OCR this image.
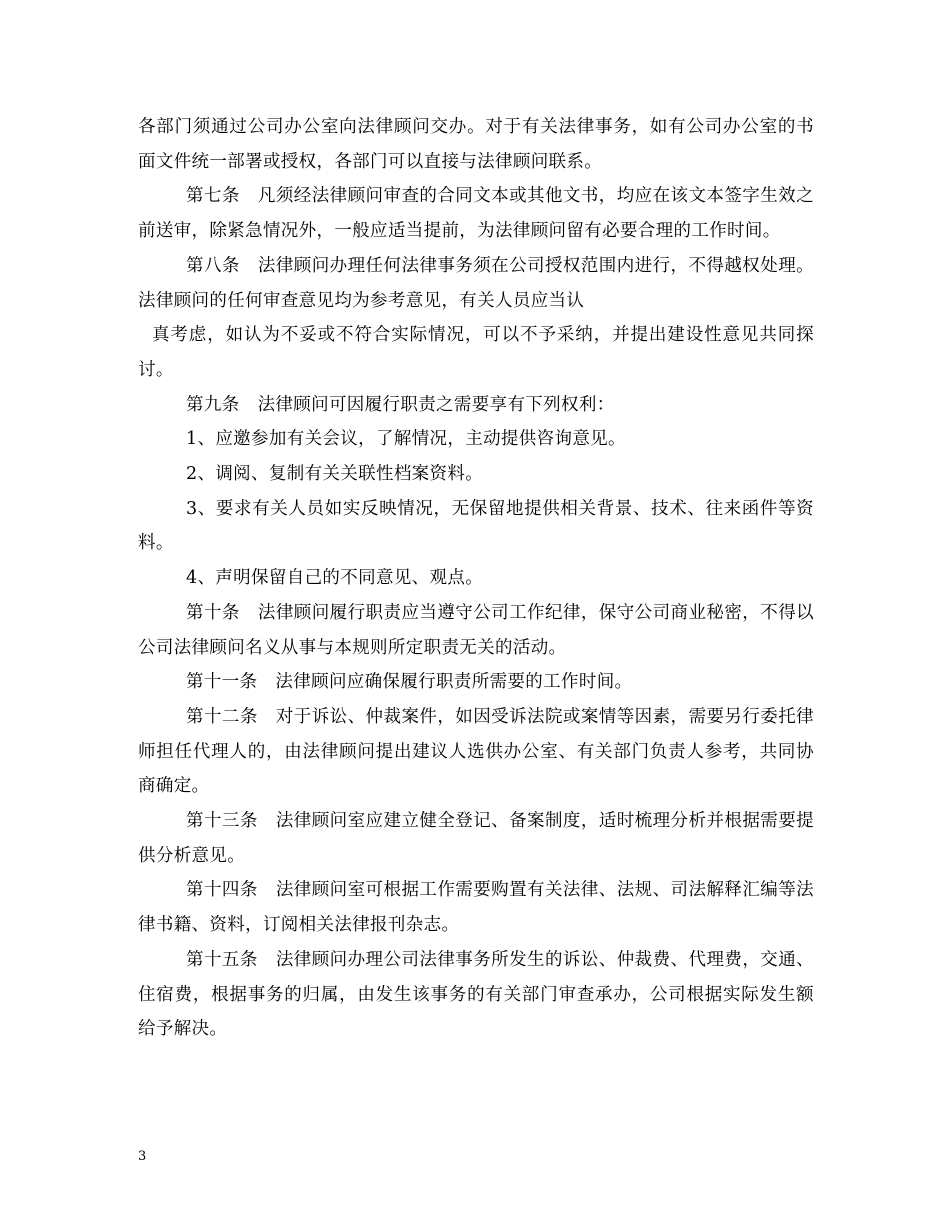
各部门须通过公司办公室向法律顾问交办。对于有关法律事务，如有公司办公室的书面文件统一部署或授权，各部门可以直接与法律顾问联系。

第七条 凡须经法律顾问审查的合同文本或其他文书，均应在该文本签字生效之前送审，除紧急情况外，一般应适当提前，为法律顾问留有必要合理的工作时间。

第八条 法律顾问办理任何法律事务须在公司授权范围内进行，不得越权处理。法律顾问的任何审查意见均为参考意见，有关人员应当认

真考虑，如认为不妥或不符合实际情况，可以不予采纳，并提出建设性意见共同探讨。

第九条 法律顾问可因履行职责之需要享有下列权利：

1、应邀参加有关会议，了解情况，主动提供咨询意见。

2、调阅、复制有关关联性档案资料。

3、要求有关人员如实反映情况，无保留地提供相关背景、技术、往来函件等资料。

4、声明保留自己的不同意见、观点。

第十条 法律顾问履行职责应当遵守公司工作纪律，保守公司商业秘密，不得以公司法律顾问名义从事与本规则所定职责无关的活动。

第十一条 法律顾问应确保履行职责所需要的工作时间。

第十二条 对于诉讼、仲裁案件，如因受诉法院或案情等因素，需要另行委托律师担任代理人的，由法律顾问提出建议人选供办公室、有关部门负责人参考，共同协商确定。

第十三条 法律顾问室应建立健全登记、备案制度，适时梳理分析并根据需要提供分析意见。

第十四条 法律顾问室可根据工作需要购置有关法律、法规、司法解释汇编等法律书籍、资料，订阅相关法律报刊杂志。

第十五条 法律顾问办理公司法律事务所发生的诉讼、仲裁费、代理费，交通、住宿费，根据事务的归属，由发生该事务的有关部门审查承办，公司根据实际发生额给予解决。

3
